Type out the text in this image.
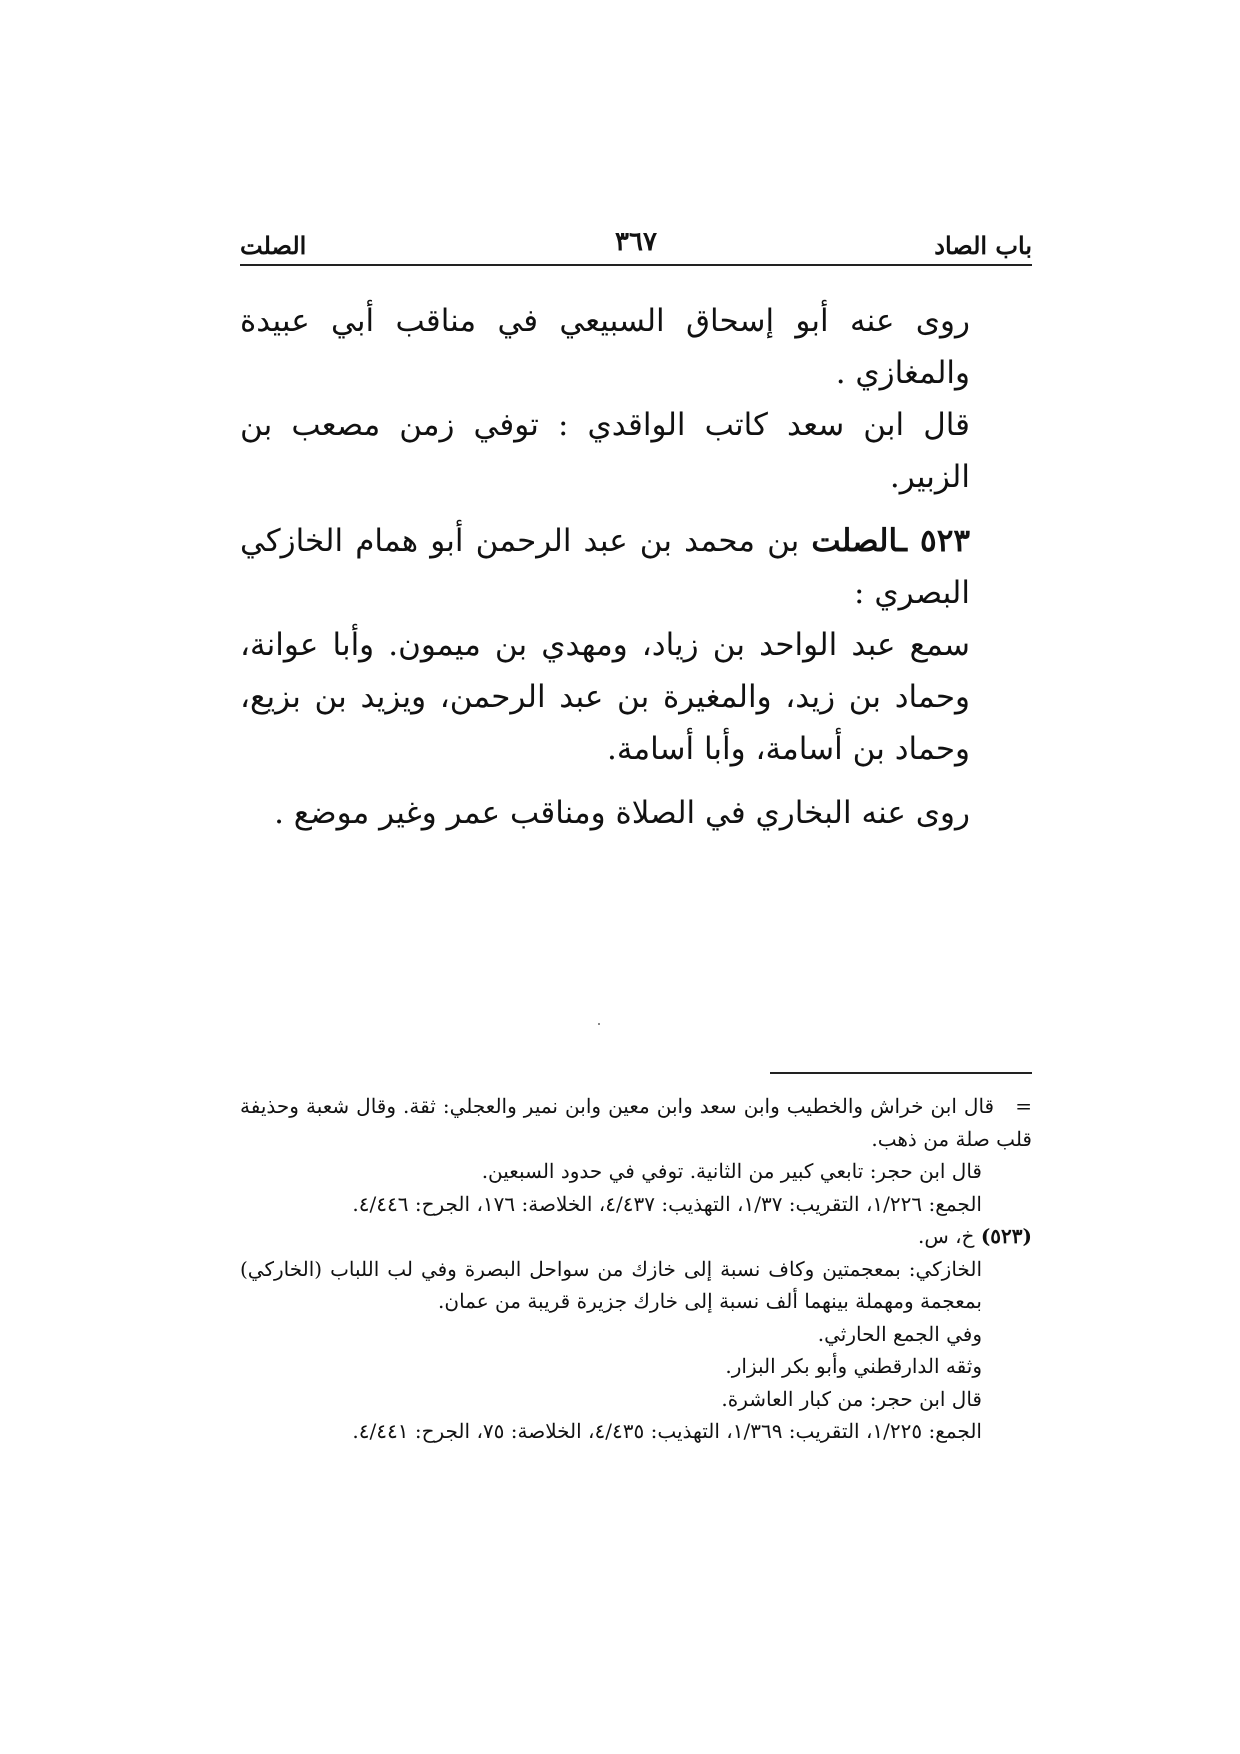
باب الصاد
٣٦٧
الصلت

روى عنه أبو إسحاق السبيعي في مناقب أبي عبيدة والمغازي .

قال ابن سعد كاتب الواقدي : توفي زمن مصعب بن الزبير.

٥٢٣ ـالصلت بن محمد بن عبد الرحمن أبو همام الخازكي البصري :

سمع عبد الواحد بن زياد، ومهدي بن ميمون. وأبا عوانة، وحماد بن زيد، والمغيرة بن عبد الرحمن، ويزيد بن بزيع، وحماد بن أسامة، وأبا أسامة.

روى عنه البخاري في الصلاة ومناقب عمر وغير موضع .

=   قال ابن خراش والخطيب وابن سعد وابن معين وابن نمير والعجلي: ثقة. وقال شعبة وحذيفة قلب صلة من ذهب.

قال ابن حجر: تابعي كبير من الثانية. توفي في حدود السبعين.

الجمع: ١/٢٢٦، التقريب: ١/٣٧، التهذيب: ٤/٤٣٧، الخلاصة: ١٧٦، الجرح: ٤/٤٤٦.

(٥٢٣) خ، س.

الخازكي: بمعجمتين وكاف نسبة إلى خازك من سواحل البصرة وفي لب اللباب (الخاركي) بمعجمة ومهملة بينهما ألف نسبة إلى خارك جزيرة قريبة من عمان.

وفي الجمع الحارثي.

وثقه الدارقطني وأبو بكر البزار.

قال ابن حجر: من كبار العاشرة.

الجمع: ١/٢٢٥، التقريب: ١/٣٦٩، التهذيب: ٤/٤٣٥، الخلاصة: ٧٥، الجرح: ٤/٤٤١.
